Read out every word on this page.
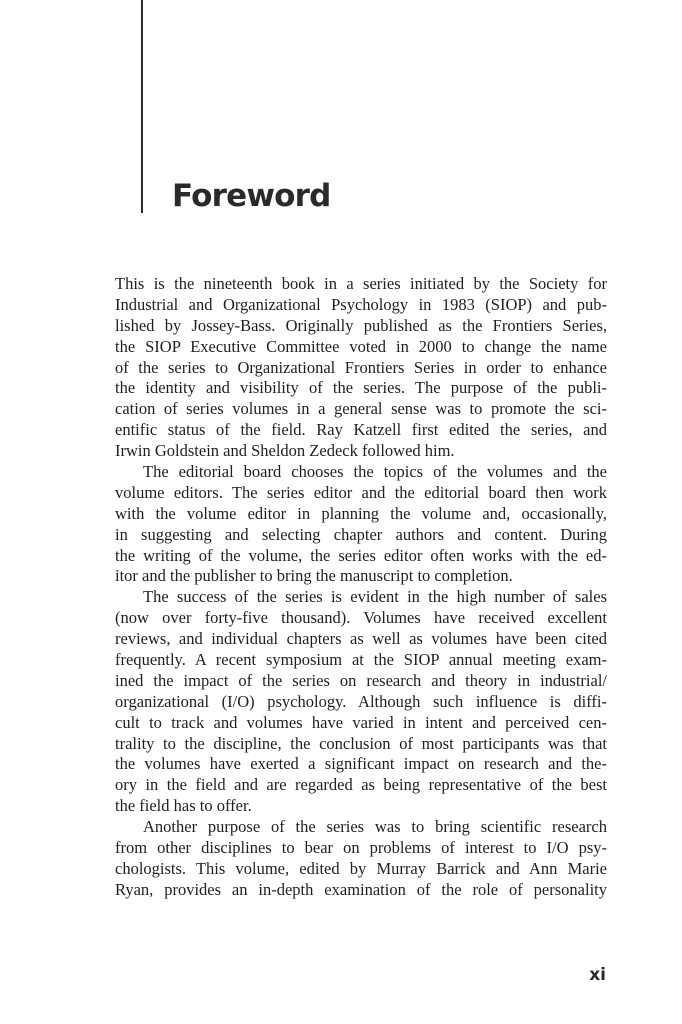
Foreword
This is the nineteenth book in a series initiated by the Society for
Industrial and Organizational Psychology in 1983 (SIOP) and pub-
lished by Jossey-Bass. Originally published as the Frontiers Series,
the SIOP Executive Committee voted in 2000 to change the name
of the series to Organizational Frontiers Series in order to enhance
the identity and visibility of the series. The purpose of the publi-
cation of series volumes in a general sense was to promote the sci-
entific status of the field. Ray Katzell first edited the series, and
Irwin Goldstein and Sheldon Zedeck followed him.
The editorial board chooses the topics of the volumes and the
volume editors. The series editor and the editorial board then work
with the volume editor in planning the volume and, occasionally,
in suggesting and selecting chapter authors and content. During
the writing of the volume, the series editor often works with the ed-
itor and the publisher to bring the manuscript to completion.
The success of the series is evident in the high number of sales
(now over forty-five thousand). Volumes have received excellent
reviews, and individual chapters as well as volumes have been cited
frequently. A recent symposium at the SIOP annual meeting exam-
ined the impact of the series on research and theory in industrial/
organizational (I/O) psychology. Although such influence is diffi-
cult to track and volumes have varied in intent and perceived cen-
trality to the discipline, the conclusion of most participants was that
the volumes have exerted a significant impact on research and the-
ory in the field and are regarded as being representative of the best
the field has to offer.
Another purpose of the series was to bring scientific research
from other disciplines to bear on problems of interest to I/O psy-
chologists. This volume, edited by Murray Barrick and Ann Marie
Ryan, provides an in-depth examination of the role of personality
xi
